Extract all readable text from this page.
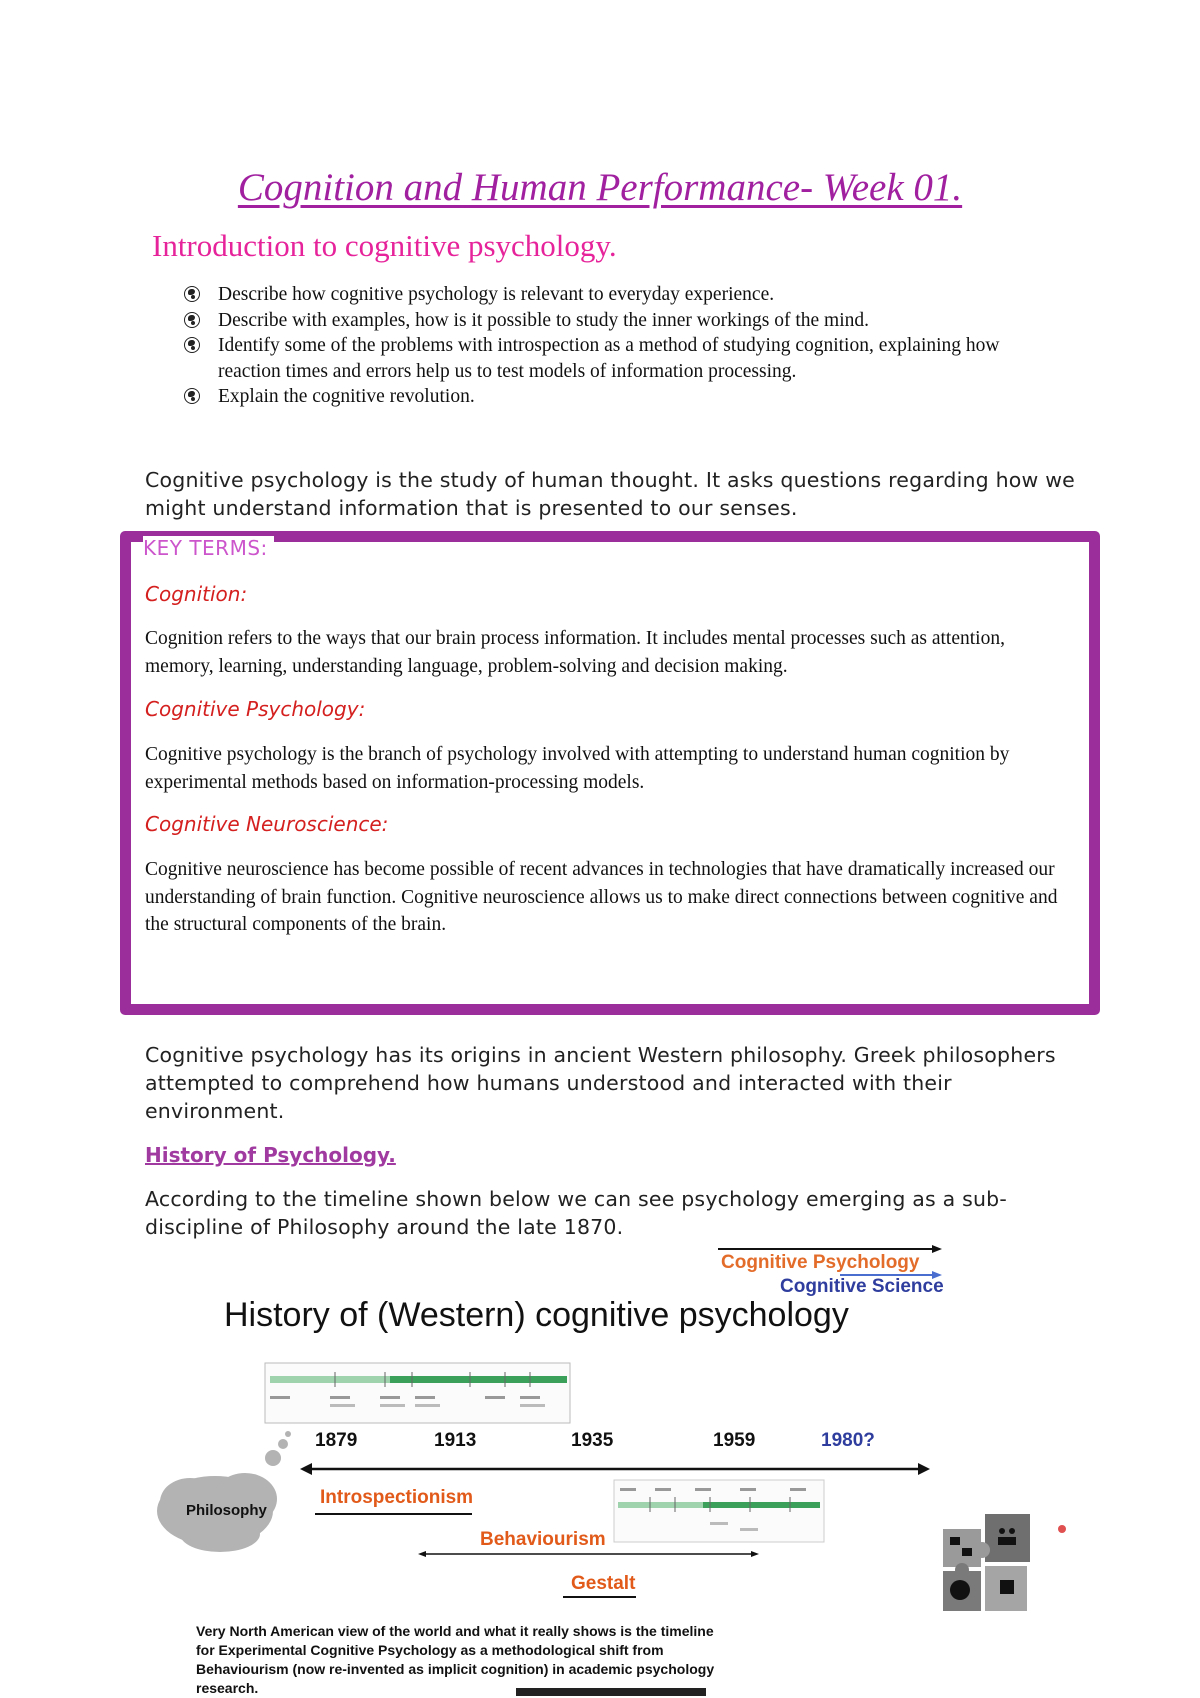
Cognition and Human Performance- Week 01.
Introduction to cognitive psychology.
Describe how cognitive psychology is relevant to everyday experience.
Describe with examples, how is it possible to study the inner workings of the mind.
Identify some of the problems with introspection as a method of studying cognition, explaining how reaction times and errors help us to test models of information processing.
Explain the cognitive revolution.
Cognitive psychology is the study of human thought. It asks questions regarding how we might understand information that is presented to our senses.
KEY TERMS:
Cognition:
Cognition refers to the ways that our brain process information. It includes mental processes such as attention, memory, learning, understanding language, problem-solving and decision making.
Cognitive Psychology:
Cognitive psychology is the branch of psychology involved with attempting to understand human cognition by experimental methods based on information-processing models.
Cognitive Neuroscience:
Cognitive neuroscience has become possible of recent advances in technologies that have dramatically increased our understanding of brain function. Cognitive neuroscience allows us to make direct connections between cognitive and the structural components of the brain.
Cognitive psychology has its origins in ancient Western philosophy. Greek philosophers attempted to comprehend how humans understood and interacted with their environment.
History of Psychology.
According to the timeline shown below we can see psychology emerging as a sub-discipline of Philosophy around the late 1870.
Cognitive Psychology
Cognitive Science
History of (Western) cognitive psychology
1879	1913	1935	1959	1980?
Philosophy
Introspectionism
Behaviourism
Gestalt
Very North American view of the world and what it really shows is the timeline for Experimental Cognitive Psychology as a methodological shift from Behaviourism (now re-invented as implicit cognition) in academic psychology research.
